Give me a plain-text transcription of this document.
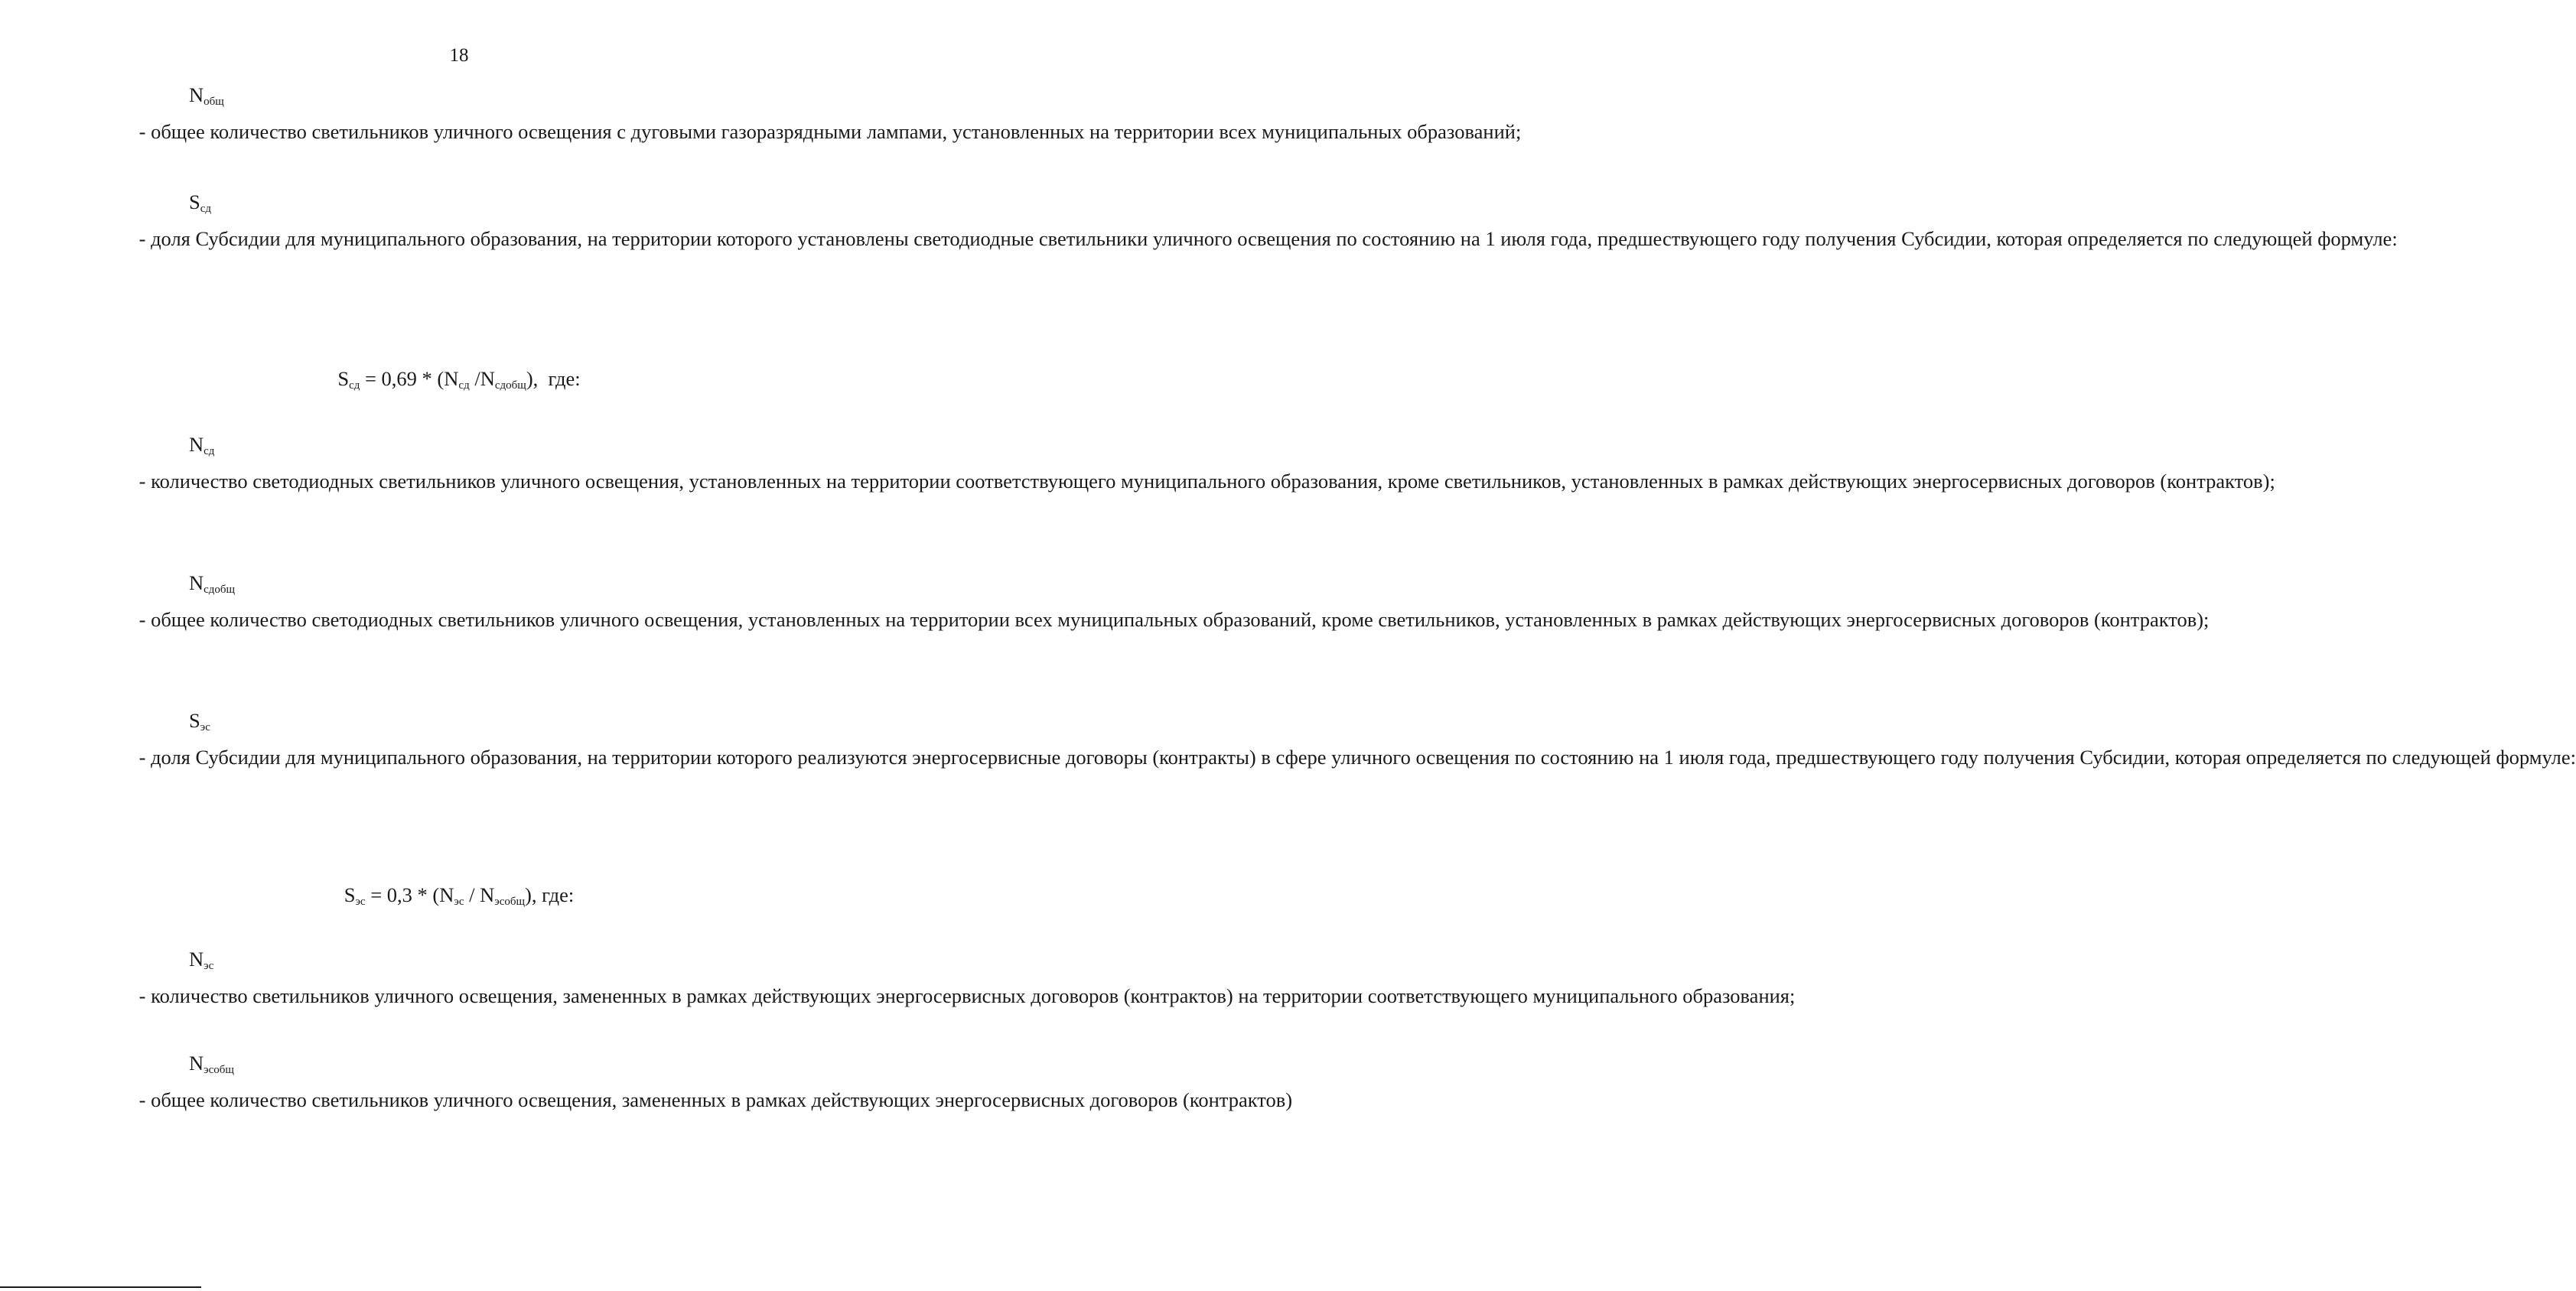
18

$N_{общ}$ - общее количество светильников уличного освещения с дуговыми газоразрядными лампами, установленных на территории всех муниципальных образований;

$S_{сд}$ - доля Субсидии для муниципального образования, на территории которого установлены светодиодные светильники уличного освещения по состоянию на 1 июля года, предшествующего году получения Субсидии, которая определяется по следующей формуле:

$S_{сд} = 0,69 * (N_{сд}$ $/N_{сдобщ}$),  где:

$N_{сд}$ - количество светодиодных светильников уличного освещения, установленных на территории соответствующего муниципального образования, кроме светильников, установленных в рамках действующих энергосервисных договоров (контрактов);

$N_{сдобщ}$ - общее количество светодиодных светильников уличного освещения, установленных на территории всех муниципальных образований, кроме светильников, установленных в рамках действующих энергосервисных договоров (контрактов);

$S_{эс}$ - доля Субсидии для муниципального образования, на территории которого реализуются энергосервисные договоры (контракты) в сфере уличного освещения по состоянию на 1 июля года, предшествующего году получения Субсидии, которая определяется по следующей формуле:

$S_{эс} = 0,3 * (N_{эс} / N_{эсобщ})$, где:

$N_{эс}$ - количество светильников уличного освещения, замененных в рамках действующих энергосервисных договоров (контрактов) на территории соответствующего муниципального образования;

$N_{эсобщ}$ - общее количество светильников уличного освещения, замененных в рамках действующих энергосервисных договоров (контрактов)
